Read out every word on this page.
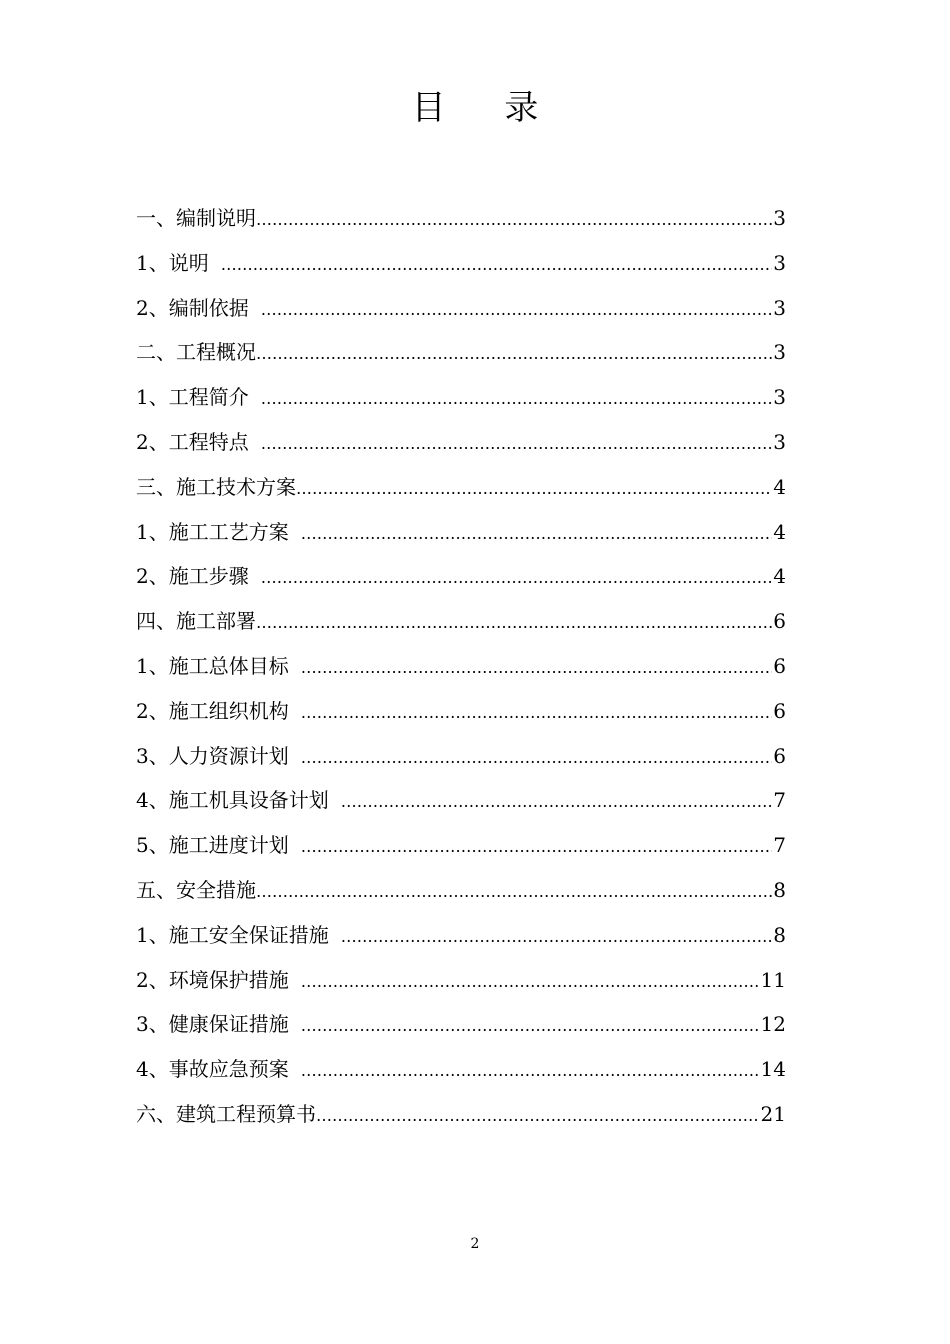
目 录
一、编制说明 ……………………………………………………………………………………………………………………………………	3
1、说明 ……………………………………………………………………………………………………………………………………	3
2、编制依据 ……………………………………………………………………………………………………………………………………	3
二、工程概况 ……………………………………………………………………………………………………………………………………	3
1、工程简介 ……………………………………………………………………………………………………………………………………	3
2、工程特点 ……………………………………………………………………………………………………………………………………	3
三、施工技术方案 ……………………………………………………………………………………………………………………………………	4
1、施工工艺方案 ……………………………………………………………………………………………………………………………………	4
2、施工步骤 ……………………………………………………………………………………………………………………………………	4
四、施工部署 ……………………………………………………………………………………………………………………………………	6
1、施工总体目标 ……………………………………………………………………………………………………………………………………	6
2、施工组织机构 ……………………………………………………………………………………………………………………………………	6
3、人力资源计划 ……………………………………………………………………………………………………………………………………	6
4、施工机具设备计划 ……………………………………………………………………………………………………………………………………	7
5、施工进度计划 ……………………………………………………………………………………………………………………………………	7
五、安全措施 ……………………………………………………………………………………………………………………………………	8
1、施工安全保证措施 ……………………………………………………………………………………………………………………………………	8
2、环境保护措施 ……………………………………………………………………………………………………………………………………	11
3、健康保证措施 ……………………………………………………………………………………………………………………………………	12
4、事故应急预案 ……………………………………………………………………………………………………………………………………	14
六、建筑工程预算书 ……………………………………………………………………………………………………………………………………	21
2
